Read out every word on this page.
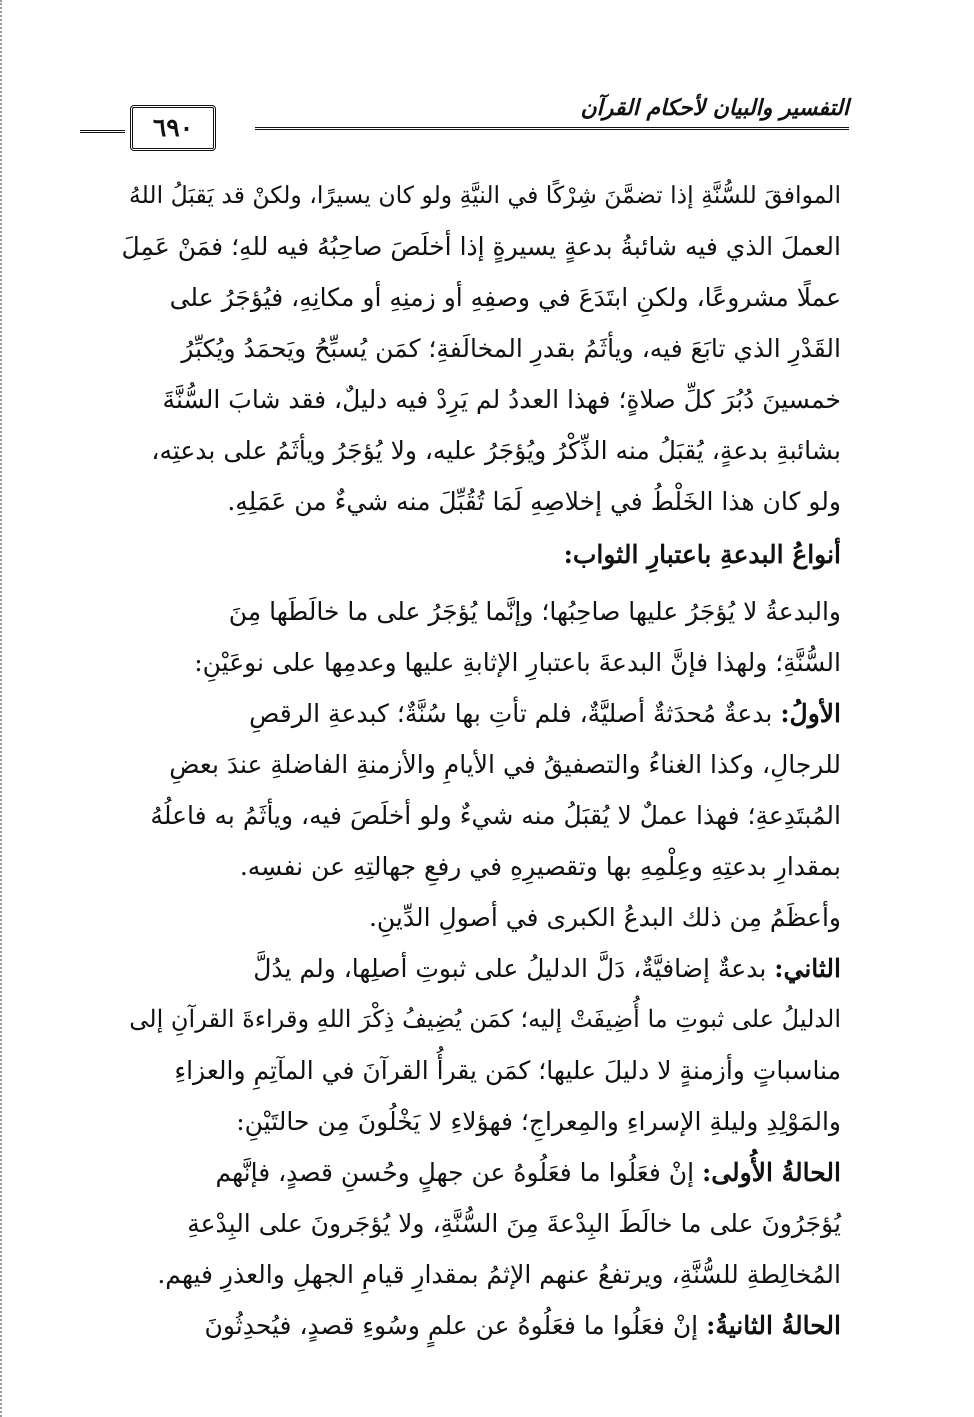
التفسير والبيان لأحكام القرآن
٦٩٠

الموافقَ للسُّنَّةِ إذا تضمَّنَ شِرْكًا في النيَّةِ ولو كان يسيرًا، ولكنْ قد يَقبَلُ اللهُ

العملَ الذي فيه شائبةُ بدعةٍ يسيرةٍ إذا أخلَصَ صاحِبُهُ فيه للهِ؛ فمَنْ عَمِلَ

عملًا مشروعًا، ولكنِ ابتَدَعَ في وصفِهِ أو زمنِهِ أو مكانِهِ، فيُؤجَرُ على

القَدْرِ الذي تابَعَ فيه، ويأثَمُ بقدرِ المخالَفةِ؛ كمَن يُسبِّحُ ويَحمَدُ ويُكبِّرُ

خمسينَ دُبُرَ كلِّ صلاةٍ؛ فهذا العددُ لم يَرِدْ فيه دليلٌ، فقد شابَ السُّنَّةَ

بشائبةِ بدعةٍ، يُقبَلُ منه الذِّكْرُ ويُؤجَرُ عليه، ولا يُؤجَرُ ويأثَمُ على بدعتِه،

ولو كان هذا الخَلْطُ في إخلاصِهِ لَمَا تُقُبِّلَ منه شيءٌ من عَمَلِهِ.

أنواعُ البدعةِ باعتبارِ الثواب:

والبدعةُ لا يُؤجَرُ عليها صاحِبُها؛ وإنَّما يُؤجَرُ على ما خالَطَها مِنَ

السُّنَّةِ؛ ولهذا فإنَّ البدعةَ باعتبارِ الإثابةِ عليها وعدمِها على نوعَيْنِ:

الأولُ: بدعةٌ مُحدَثةٌ أصليَّةٌ، فلم تأتِ بها سُنَّةٌ؛ كبدعةِ الرقصِ

للرجالِ، وكذا الغناءُ والتصفيقُ في الأيامِ والأزمنةِ الفاضلةِ عندَ بعضِ

المُبتَدِعةِ؛ فهذا عملٌ لا يُقبَلُ منه شيءٌ ولو أخلَصَ فيه، ويأثَمُ به فاعلُهُ

بمقدارِ بدعتِهِ وعِلْمِهِ بها وتقصيرِهِ في رفعِ جهالتِهِ عن نفسِه.

وأعظَمُ مِن ذلك البدعُ الكبرى في أصولِ الدِّينِ.

الثاني: بدعةٌ إضافيَّةٌ، دَلَّ الدليلُ على ثبوتِ أصلِها، ولم يدُلَّ

الدليلُ على ثبوتِ ما أُضِيفَتْ إليه؛ كمَن يُضِيفُ ذِكْرَ اللهِ وقراءةَ القرآنِ إلى

مناسباتٍ وأزمنةٍ لا دليلَ عليها؛ كمَن يقرأُ القرآنَ في المآتِمِ والعزاءِ

والمَوْلِدِ وليلةِ الإسراءِ والمِعراجِ؛ فهؤلاءِ لا يَخْلُونَ مِن حالتَيْنِ:

الحالةُ الأُولى: إنْ فعَلُوا ما فعَلُوهُ عن جهلٍ وحُسنِ قصدٍ، فإنَّهم

يُؤجَرُونَ على ما خالَطَ البِدْعةَ مِنَ السُّنَّةِ، ولا يُؤجَرونَ على البِدْعةِ

المُخالِطةِ للسُّنَّةِ، ويرتفعُ عنهم الإثمُ بمقدارِ قيامِ الجهلِ والعذرِ فيهم.

الحالةُ الثانيةُ: إنْ فعَلُوا ما فعَلُوهُ عن علمٍ وسُوءِ قصدٍ، فيُحدِثُونَ
